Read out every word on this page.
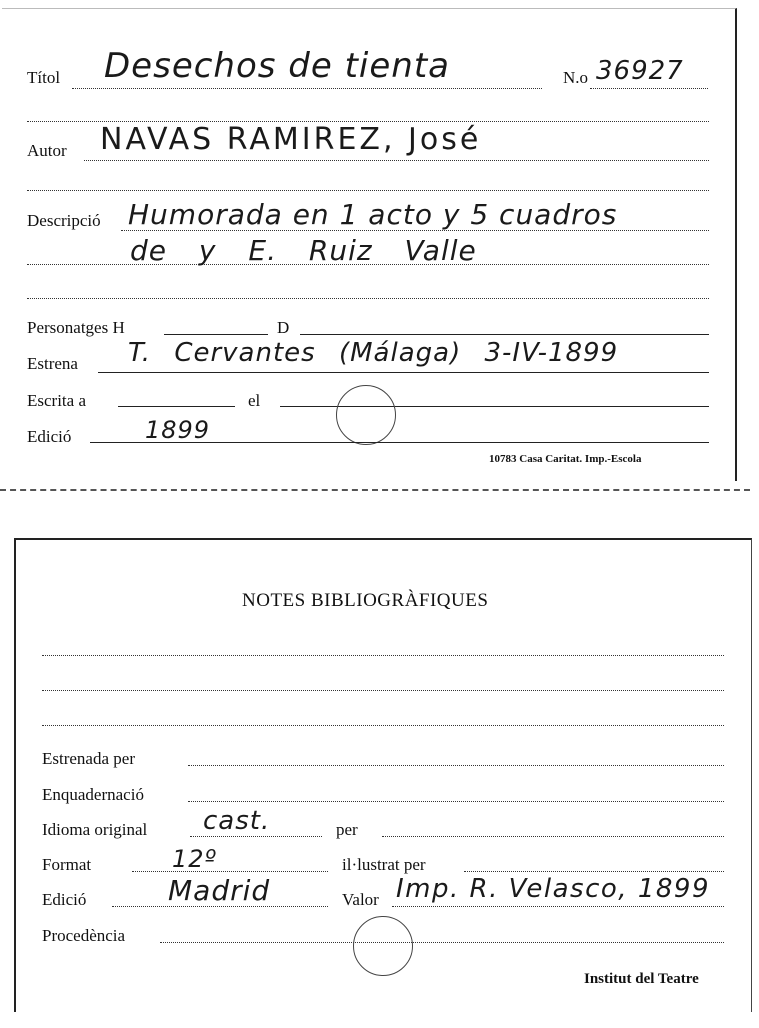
Títol Desechos de tienta	N.o 36927
Autor NAVAS RAMIREZ, José
Descripció Humorada en 1 acto y 5 cuadros
de y E. Ruiz Valle
Personatges H	D
Estrena T. Cervantes (Málaga) 3-IV-1899
Escrita a	el
Edició	1899
10783 Casa Caritat. Imp.-Escola
NOTES BIBLIOGRÀFIQUES
Estrenada per
Enquadernació
Idioma original cast.	per
Format	12º	il·lustrat per
Edició	Madrid	Valor Imp. R. Velasco, 1899
Procedència
Institut del Teatre
